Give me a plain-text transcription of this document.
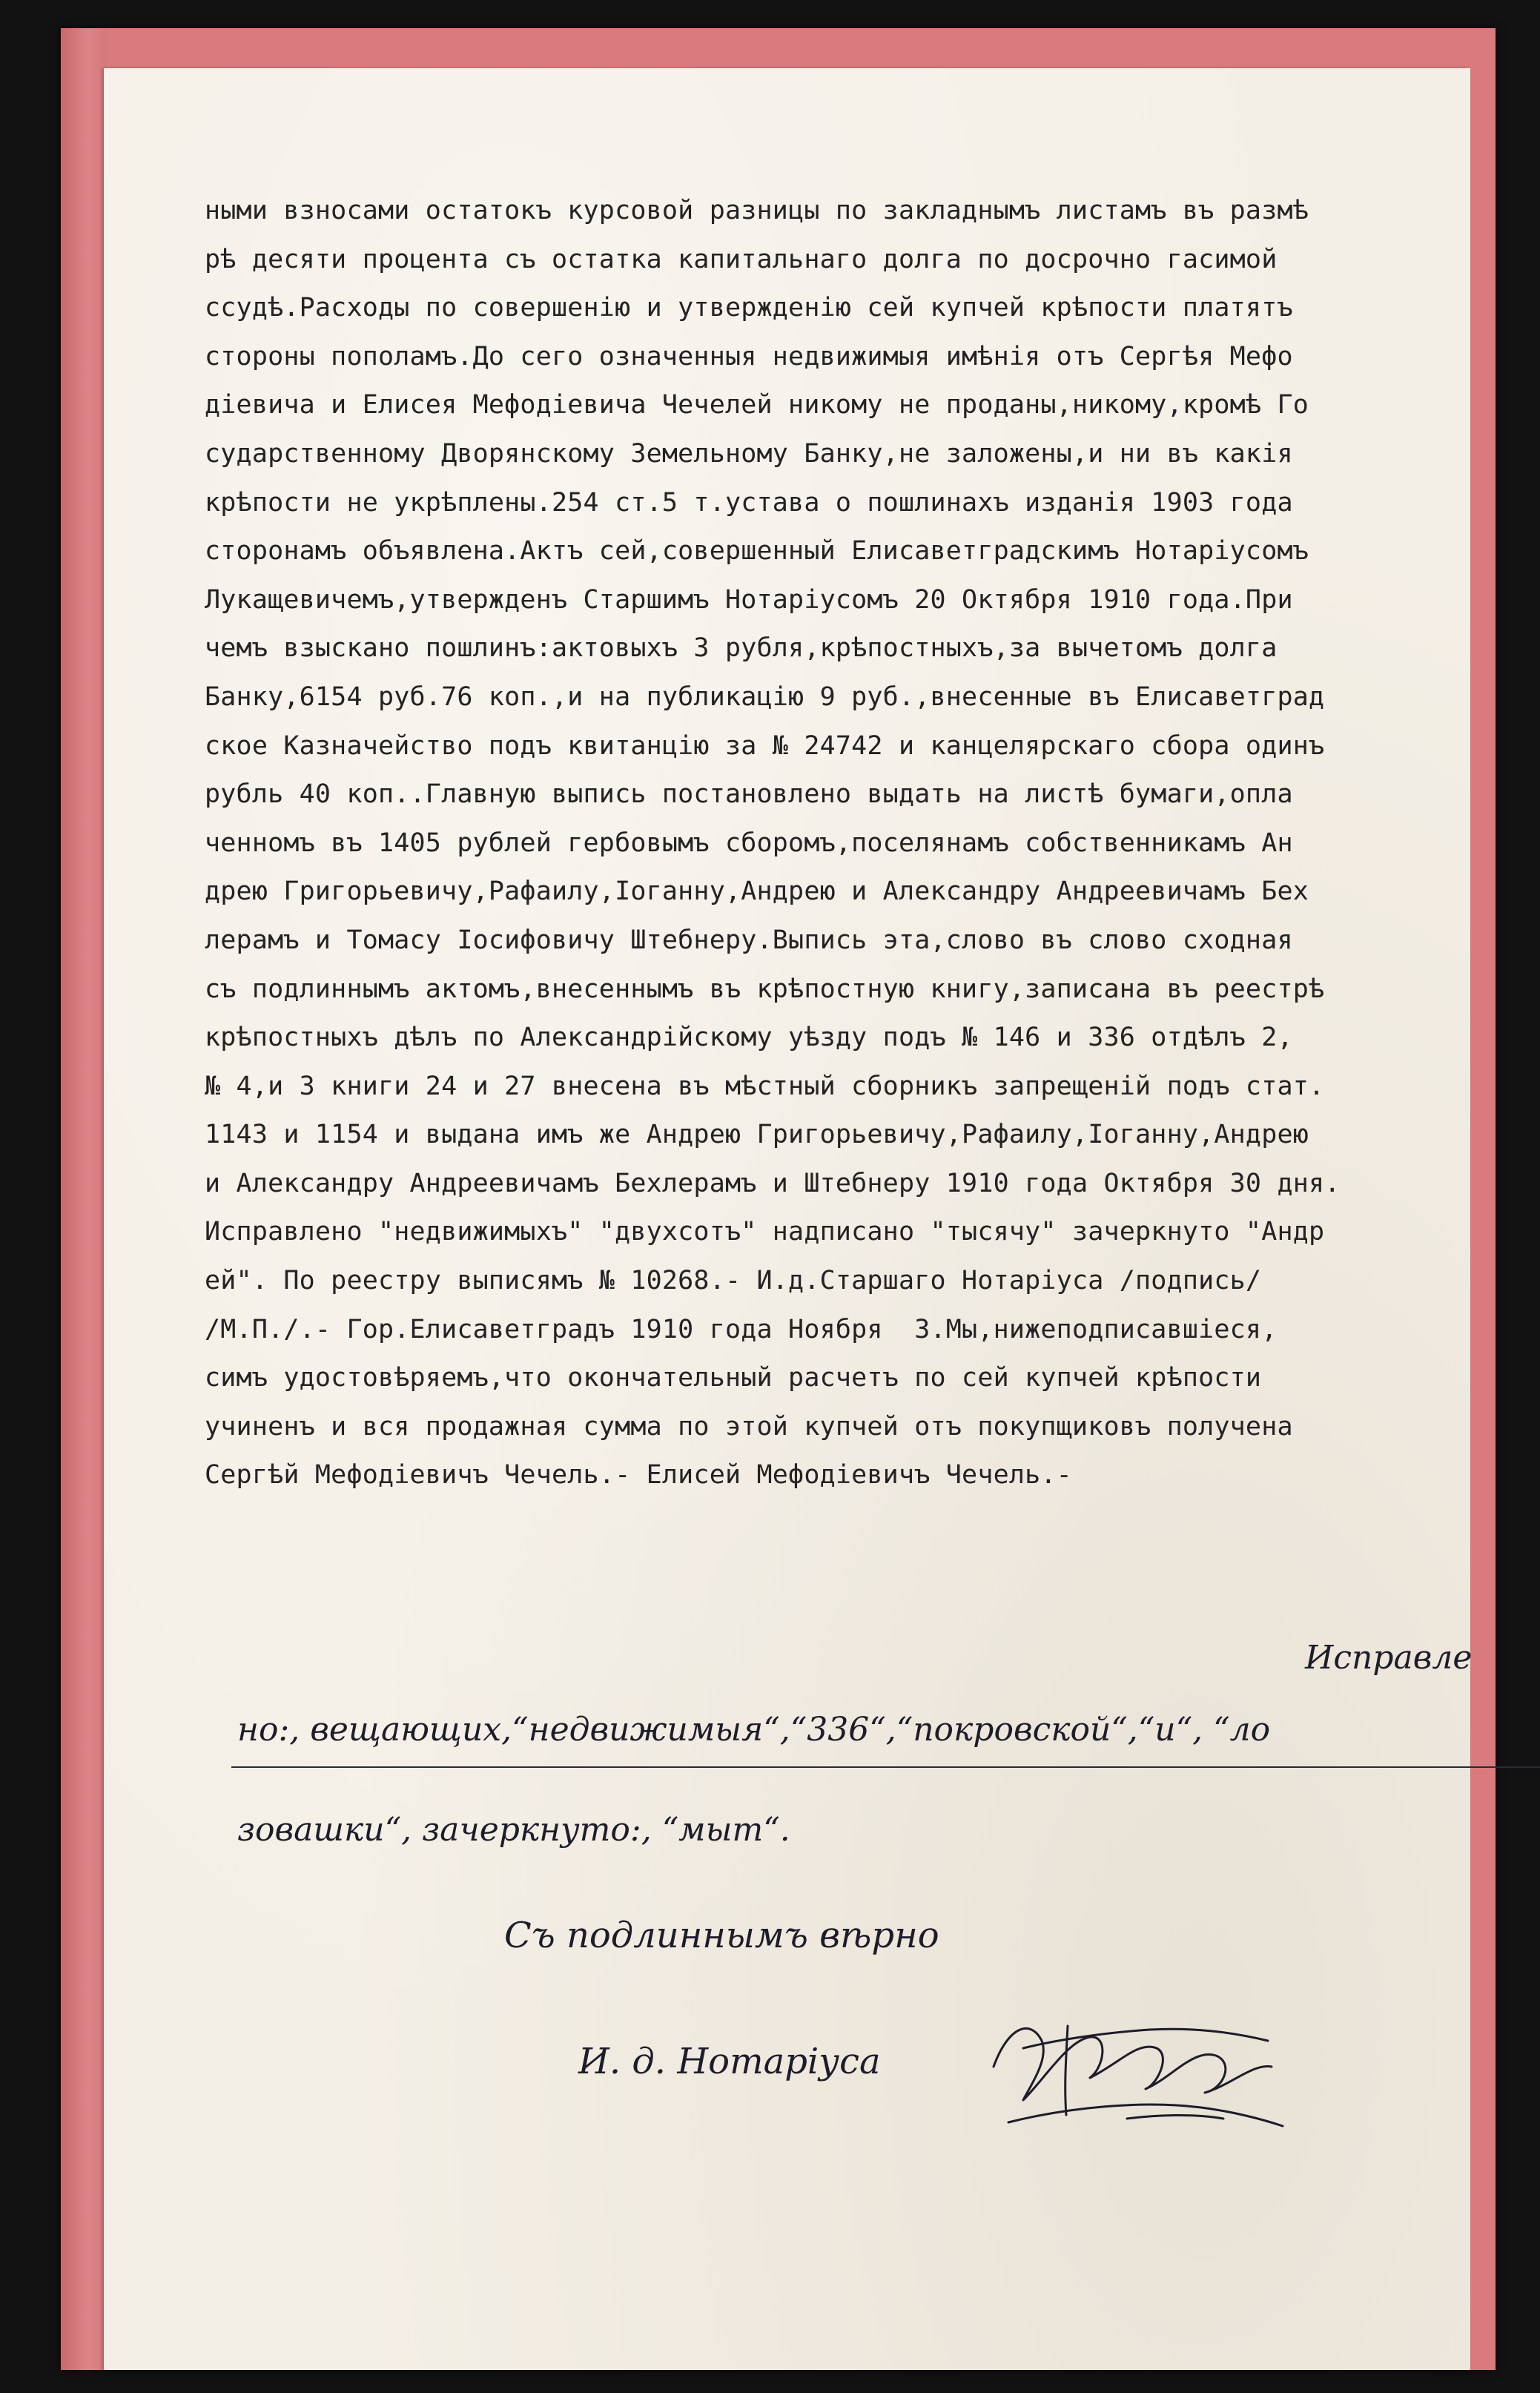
ными взносами остатокъ курсовой разницы по закладнымъ листамъ въ размѣ
рѣ десяти процента съ остатка капитальнаго долга по досрочно гасимой
ссудѣ.Расходы по совершенiю и утвержденiю сей купчей крѣпости платятъ
стороны пополамъ.До сего означенныя недвижимыя имѣнiя отъ Сергѣя Мефо
дiевича и Елисея Мефодiевича Чечелей никому не проданы,никому,кромѣ Го
сударственному Дворянскому Земельному Банку,не заложены,и ни въ какiя
крѣпости не укрѣплены.254 ст.5 т.устава о пошлинахъ изданiя 1903 года
сторонамъ объявлена.Актъ сей,совершенный Елисаветградскимъ Нотарiусомъ
Лукащевичемъ,утвержденъ Старшимъ Нотарiусомъ 20 Октября 1910 года.При
чемъ взыскано пошлинъ:актовыхъ 3 рубля,крѣпостныхъ,за вычетомъ долга
Банку,6154 руб.76 коп.,и на публикацiю 9 руб.,внесенные въ Елисаветград
ское Казначейство подъ квитанцiю за № 24742 и канцелярскаго сбора одинъ
рубль 40 коп..Главную выпись постановлено выдать на листѣ бумаги,опла
ченномъ въ 1405 рублей гербовымъ сборомъ,поселянамъ собственникамъ Ан
дрею Григорьевичу,Рафаилу,Iоганну,Андрею и Александру Андреевичамъ Бех
лерамъ и Томасу Iосифовичу Штебнеру.Выпись эта,слово въ слово сходная
съ подлиннымъ актомъ,внесеннымъ въ крѣпостную книгу,записана въ реестрѣ
крѣпостныхъ дѣлъ по Александрiйскому уѣзду подъ № 146 и 336 отдѣлъ 2,
№ 4,и 3 книги 24 и 27 внесена въ мѣстный сборникъ запрещенiй подъ стат.
1143 и 1154 и выдана имъ же Андрею Григорьевичу,Рафаилу,Iоганну,Андрею
и Александру Андреевичамъ Бехлерамъ и Штебнеру 1910 года Октября 30 дня.
Исправлено "недвижимыхъ" "двухсотъ" надписано "тысячу" зачеркнуто "Андр
ей". По реестру выписямъ № 10268.- И.д.Старшаго Нотарiуса /подпись/
/М.П./.- Гор.Елисаветградъ 1910 года Ноября  3.Мы,нижеподписавшiеся,
симъ удостовѣряемъ,что окончательный расчетъ по сей купчей крѣпости
учиненъ и вся продажная сумма по этой купчей отъ покупщиковъ получена
Сергѣй Мефодiевичъ Чечель.- Елисей Мефодiевичъ Чечель.-
Исправле
но:, вещающих,“недвижимыя“,“336“,“покровской“,“и“, “ло
зовашки“, зачеркнуто:, “мыт“.
Съ подлиннымъ вѣрно
И. д. Нотарiуса
